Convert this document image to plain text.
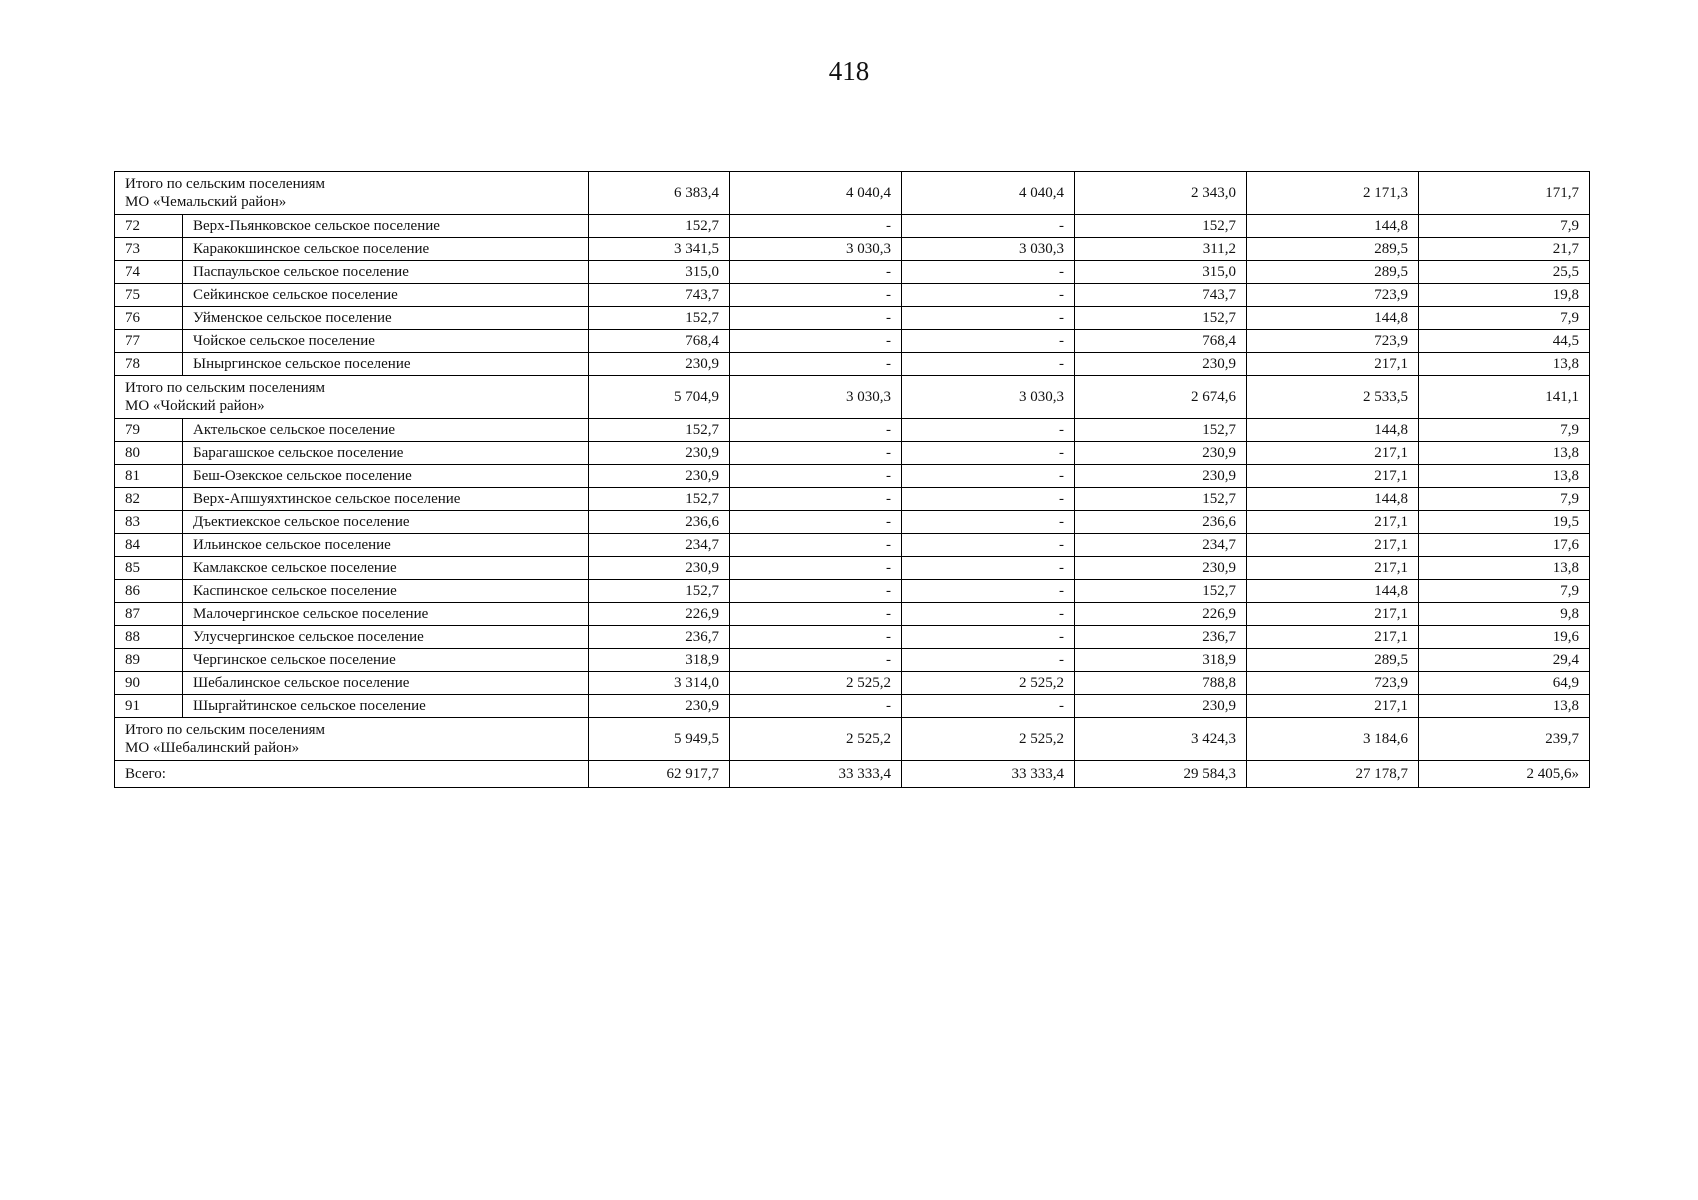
418
Итого по сельским поселениям
МО «Чемальский район»		6 383,4	4 040,4	4 040,4	2 343,0	2 171,3	171,7
72	Верх-Пьянковское сельское поселение	152,7	-	-	152,7	144,8	7,9
73	Каракокшинское сельское поселение	3 341,5	3 030,3	3 030,3	311,2	289,5	21,7
74	Паспаульское сельское поселение	315,0	-	-	315,0	289,5	25,5
75	Сейкинское сельское поселение	743,7	-	-	743,7	723,9	19,8
76	Уйменское сельское поселение	152,7	-	-	152,7	144,8	7,9
77	Чойское сельское поселение	768,4	-	-	768,4	723,9	44,5
78	Ыныргинское сельское поселение	230,9	-	-	230,9	217,1	13,8

Итого по сельским поселениям
МО «Чойский район»		5 704,9	3 030,3	3 030,3	2 674,6	2 533,5	141,1
79	Актельское сельское поселение	152,7	-	-	152,7	144,8	7,9
80	Барагашское сельское поселение	230,9	-	-	230,9	217,1	13,8
81	Беш-Озекское сельское поселение	230,9	-	-	230,9	217,1	13,8
82	Верх-Апшуяхтинское сельское поселение	152,7	-	-	152,7	144,8	7,9
83	Дъектиекское сельское поселение	236,6	-	-	236,6	217,1	19,5
84	Ильинское сельское поселение	234,7	-	-	234,7	217,1	17,6
85	Камлакское сельское поселение	230,9	-	-	230,9	217,1	13,8
86	Каспинское сельское поселение	152,7	-	-	152,7	144,8	7,9
87	Малочергинское сельское поселение	226,9	-	-	226,9	217,1	9,8
88	Улусчергинское сельское поселение	236,7	-	-	236,7	217,1	19,6
89	Чергинское сельское поселение	318,9	-	-	318,9	289,5	29,4
90	Шебалинское сельское поселение	3 314,0	2 525,2	2 525,2	788,8	723,9	64,9
91	Шыргайтинское сельское поселение	230,9	-	-	230,9	217,1	13,8

Итого по сельским поселениям
МО «Шебалинский район»		5 949,5	2 525,2	2 525,2	3 424,3	3 184,6	239,7
Всего:		62 917,7	33 333,4	33 333,4	29 584,3	27 178,7	2 405,6»
